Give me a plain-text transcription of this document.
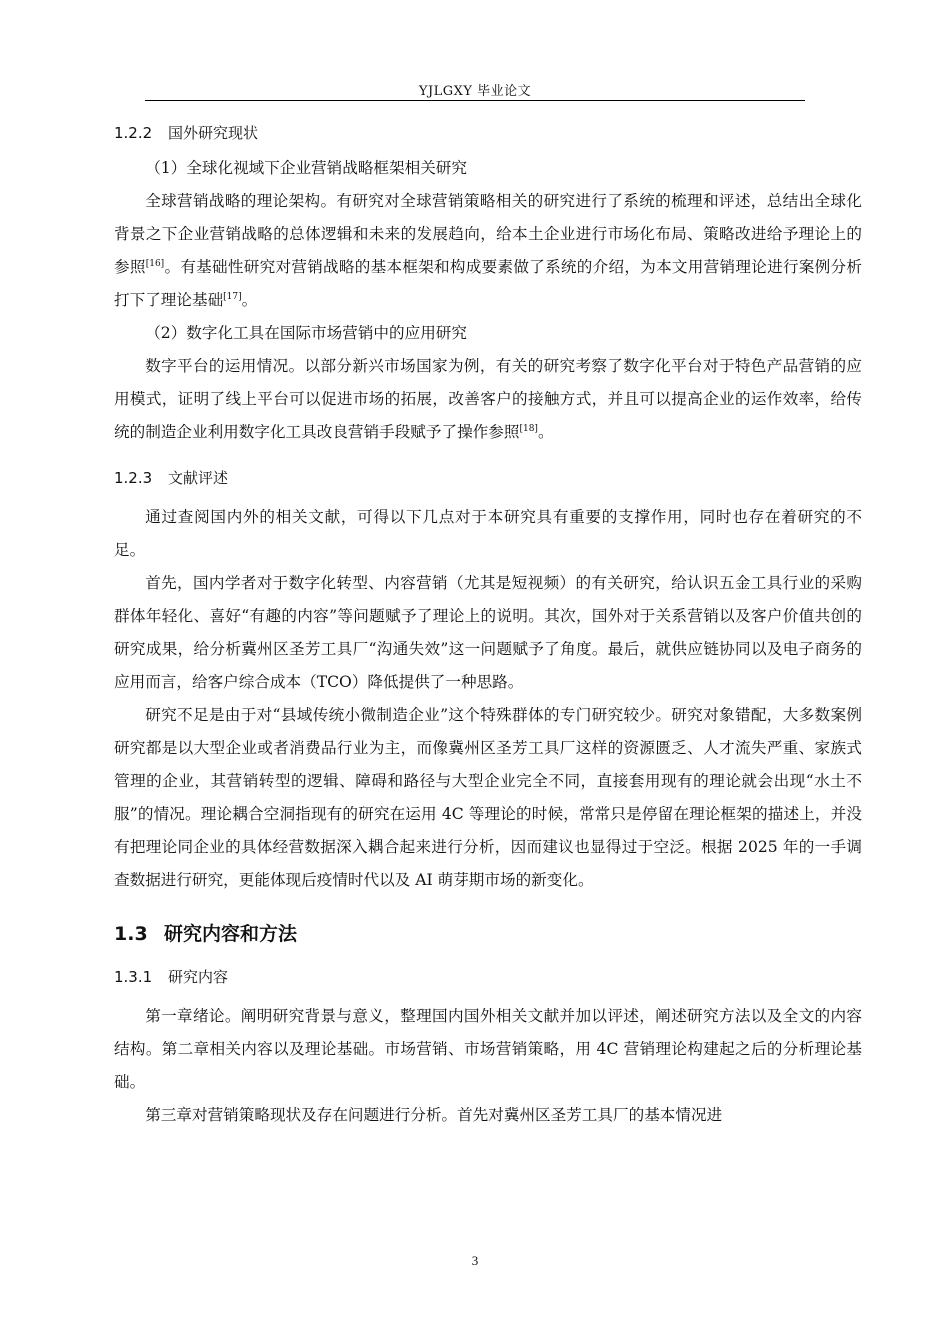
YJLGXY 毕业论文
1.2.2 国外研究现状

（1）全球化视域下企业营销战略框架相关研究

全球营销战略的理论架构。有研究对全球营销策略相关的研究进行了系统的梳理和评述，总结出全球化背景之下企业营销战略的总体逻辑和未来的发展趋向，给本土企业进行市场化布局、策略改进给予理论上的参照[16]。有基础性研究对营销战略的基本框架和构成要素做了系统的介绍，为本文用营销理论进行案例分析打下了理论基础[17]。

（2）数字化工具在国际市场营销中的应用研究

数字平台的运用情况。以部分新兴市场国家为例，有关的研究考察了数字化平台对于特色产品营销的应用模式，证明了线上平台可以促进市场的拓展，改善客户的接触方式，并且可以提高企业的运作效率，给传统的制造企业利用数字化工具改良营销手段赋予了操作参照[18]。

1.2.3 文献评述

通过查阅国内外的相关文献，可得以下几点对于本研究具有重要的支撑作用，同时也存在着研究的不足。

首先，国内学者对于数字化转型、内容营销（尤其是短视频）的有关研究，给认识五金工具行业的采购群体年轻化、喜好“有趣的内容”等问题赋予了理论上的说明。其次，国外对于关系营销以及客户价值共创的研究成果，给分析冀州区圣芳工具厂“沟通失效”这一问题赋予了角度。最后，就供应链协同以及电子商务的应用而言，给客户综合成本（TCO）降低提供了一种思路。

研究不足是由于对“县域传统小微制造企业”这个特殊群体的专门研究较少。研究对象错配，大多数案例研究都是以大型企业或者消费品行业为主，而像冀州区圣芳工具厂这样的资源匮乏、人才流失严重、家族式管理的企业，其营销转型的逻辑、障碍和路径与大型企业完全不同，直接套用现有的理论就会出现“水土不服”的情况。理论耦合空洞指现有的研究在运用 4C 等理论的时候，常常只是停留在理论框架的描述上，并没有把理论同企业的具体经营数据深入耦合起来进行分析，因而建议也显得过于空泛。根据 2025 年的一手调查数据进行研究，更能体现后疫情时代以及 AI 萌芽期市场的新变化。

1.3 研究内容和方法
1.3.1 研究内容

第一章绪论。阐明研究背景与意义，整理国内国外相关文献并加以评述，阐述研究方法以及全文的内容结构。第二章相关内容以及理论基础。市场营销、市场营销策略，用 4C 营销理论构建起之后的分析理论基础。

第三章对营销策略现状及存在问题进行分析。首先对冀州区圣芳工具厂的基本情况进

3
